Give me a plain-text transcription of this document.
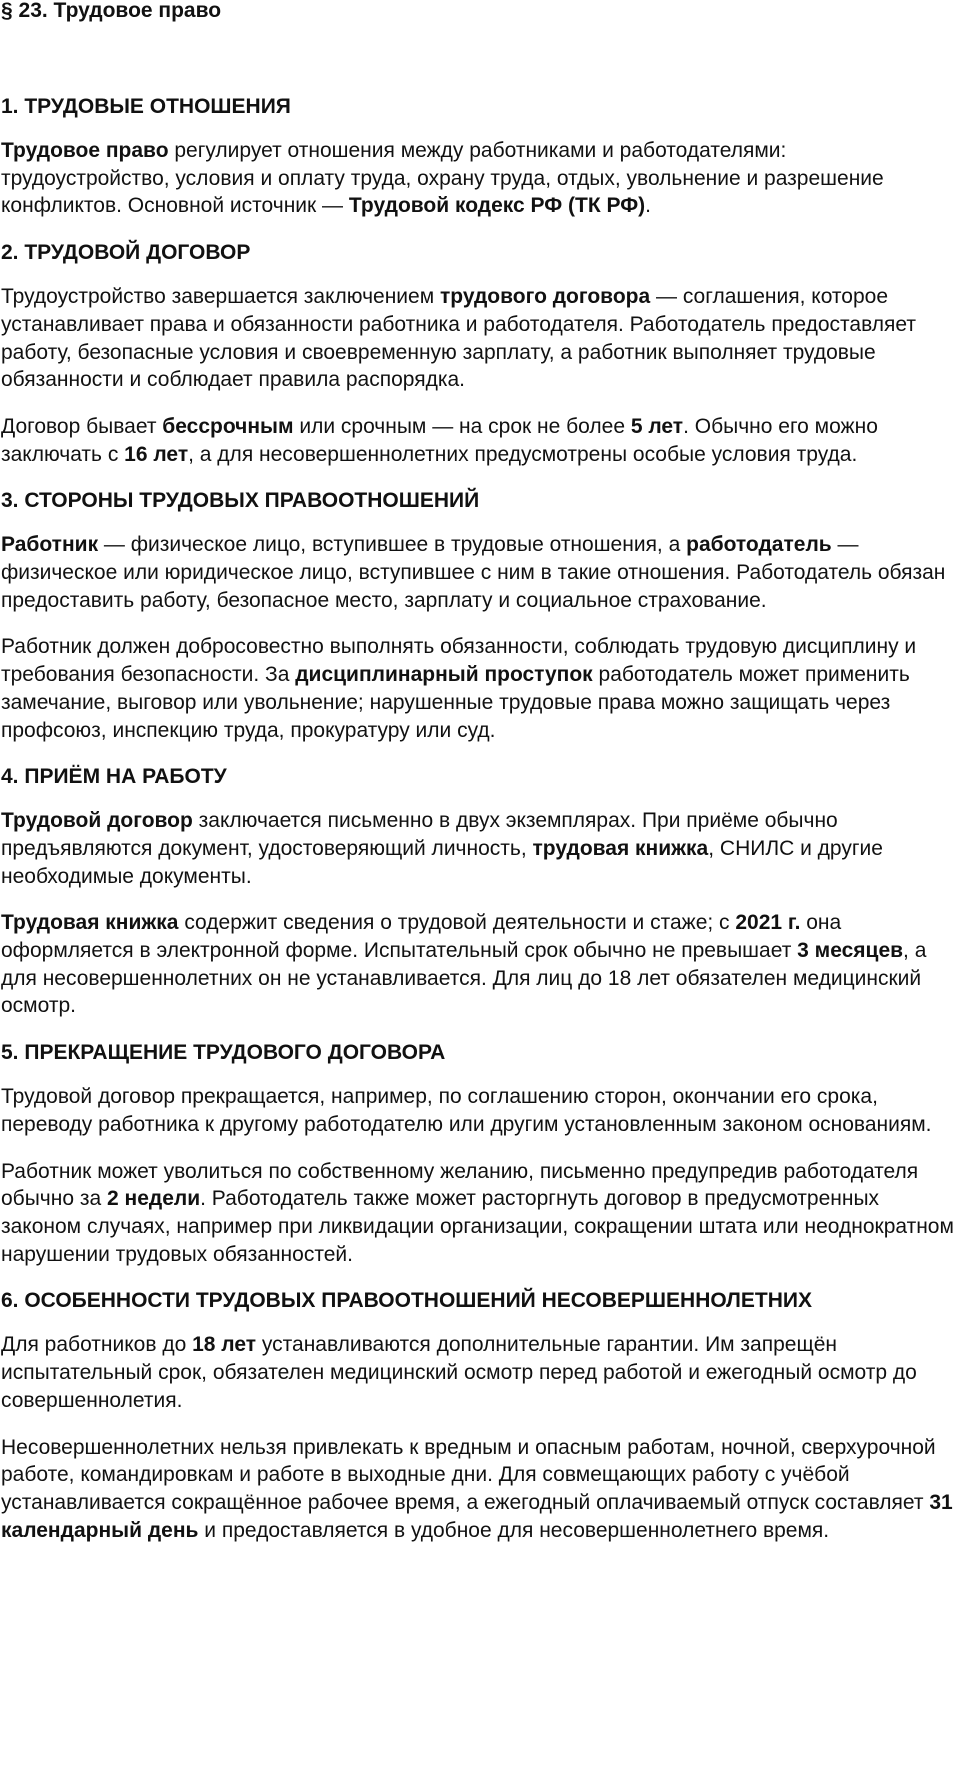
§ 23. Трудовое право
1. ТРУДОВЫЕ ОТНОШЕНИЯ

Трудовое право регулирует отношения между работниками и работодателями: трудоустройство, условия и оплату труда, охрану труда, отдых, увольнение и разрешение конфликтов. Основной источник — Трудовой кодекс РФ (ТК РФ).

2. ТРУДОВОЙ ДОГОВОР

Трудоустройство завершается заключением трудового договора — соглашения, которое устанавливает права и обязанности работника и работодателя. Работодатель предоставляет работу, безопасные условия и своевременную зарплату, а работник выполняет трудовые обязанности и соблюдает правила распорядка.

Договор бывает бессрочным или срочным — на срок не более 5 лет. Обычно его можно заключать с 16 лет, а для несовершеннолетних предусмотрены особые условия труда.

3. СТОРОНЫ ТРУДОВЫХ ПРАВООТНОШЕНИЙ

Работник — физическое лицо, вступившее в трудовые отношения, а работодатель — физическое или юридическое лицо, вступившее с ним в такие отношения. Работодатель обязан предоставить работу, безопасное место, зарплату и социальное страхование.

Работник должен добросовестно выполнять обязанности, соблюдать трудовую дисциплину и требования безопасности. За дисциплинарный проступок работодатель может применить замечание, выговор или увольнение; нарушенные трудовые права можно защищать через профсоюз, инспекцию труда, прокуратуру или суд.

4. ПРИЁМ НА РАБОТУ

Трудовой договор заключается письменно в двух экземплярах. При приёме обычно предъявляются документ, удостоверяющий личность, трудовая книжка, СНИЛС и другие необходимые документы.

Трудовая книжка содержит сведения о трудовой деятельности и стаже; с 2021 г. она оформляется в электронной форме. Испытательный срок обычно не превышает 3 месяцев, а для несовершеннолетних он не устанавливается. Для лиц до 18 лет обязателен медицинский осмотр.

5. ПРЕКРАЩЕНИЕ ТРУДОВОГО ДОГОВОРА

Трудовой договор прекращается, например, по соглашению сторон, окончании его срока, переводу работника к другому работодателю или другим установленным законом основаниям.

Работник может уволиться по собственному желанию, письменно предупредив работодателя обычно за 2 недели. Работодатель также может расторгнуть договор в предусмотренных законом случаях, например при ликвидации организации, сокращении штата или неоднократном нарушении трудовых обязанностей.

6. ОСОБЕННОСТИ ТРУДОВЫХ ПРАВООТНОШЕНИЙ НЕСОВЕРШЕННОЛЕТНИХ

Для работников до 18 лет устанавливаются дополнительные гарантии. Им запрещён испытательный срок, обязателен медицинский осмотр перед работой и ежегодный осмотр до совершеннолетия.

Несовершеннолетних нельзя привлекать к вредным и опасным работам, ночной, сверхурочной работе, командировкам и работе в выходные дни. Для совмещающих работу с учёбой устанавливается сокращённое рабочее время, а ежегодный оплачиваемый отпуск составляет 31 календарный день и предоставляется в удобное для несовершеннолетнего время.
